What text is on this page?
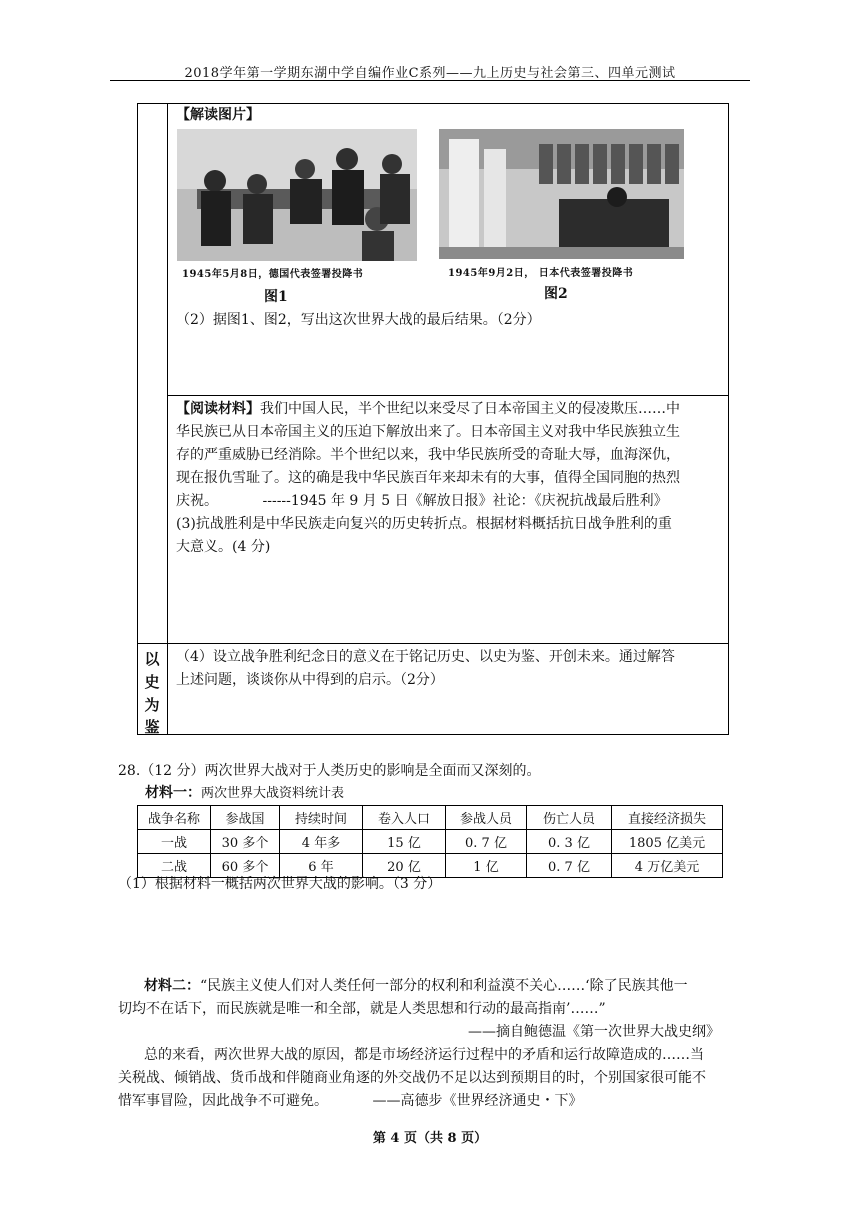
2018学年第一学期东湖中学自编作业C系列——九上历史与社会第三、四单元测试
【解读图片】
1945年5月8日，德国代表签署投降书
图1
1945年9月2日， 日本代表签署投降书
图2
（2）据图1、图2，写出这次世界大战的最后结果。（2分）
【阅读材料】我们中国人民，半个世纪以来受尽了日本帝国主义的侵凌欺压……中
华民族已从日本帝国主义的压迫下解放出来了。日本帝国主义对我中华民族独立生
存的严重威胁已经消除。半个世纪以来，我中华民族所受的奇耻大辱，血海深仇，
现在报仇雪耻了。这的确是我中华民族百年来却未有的大事，值得全国同胞的热烈
庆祝。          ------1945 年 9 月 5 日《解放日报》社论：《庆祝抗战最后胜利》
(3)抗战胜利是中华民族走向复兴的历史转折点。根据材料概括抗日战争胜利的重
大意义。(4 分)
以
史
为
鉴
（4）设立战争胜利纪念日的意义在于铭记历史、以史为鉴、开创未来。通过解答
上述问题，谈谈你从中得到的启示。（2分）
28.（12 分）两次世界大战对于人类历史的影响是全面而又深刻的。
材料一：两次世界大战资料统计表
战争名称	参战国	持续时间	卷入人口	参战人员	伤亡人员	直接经济损失
一战	30 多个	4 年多	15 亿	0. 7 亿	0. 3 亿	1805 亿美元
二战	60 多个	6 年	20 亿	1 亿	0. 7 亿	4 万亿美元
（1）根据材料一概括两次世界大战的影响。（3 分）
材料二：“民族主义使人们对人类任何一部分的权利和利益漠不关心……‘除了民族其他一
切均不在话下，而民族就是唯一和全部，就是人类思想和行动的最高指南’……”
——摘自鲍德温《第一次世界大战史纲》
总的来看，两次世界大战的原因，都是市场经济运行过程中的矛盾和运行故障造成的……当
关税战、倾销战、货币战和伴随商业角逐的外交战仍不足以达到预期目的时，个别国家很可能不
惜军事冒险，因此战争不可避免。          ——高德步《世界经济通史・下》
第 4 页（共 8 页）
